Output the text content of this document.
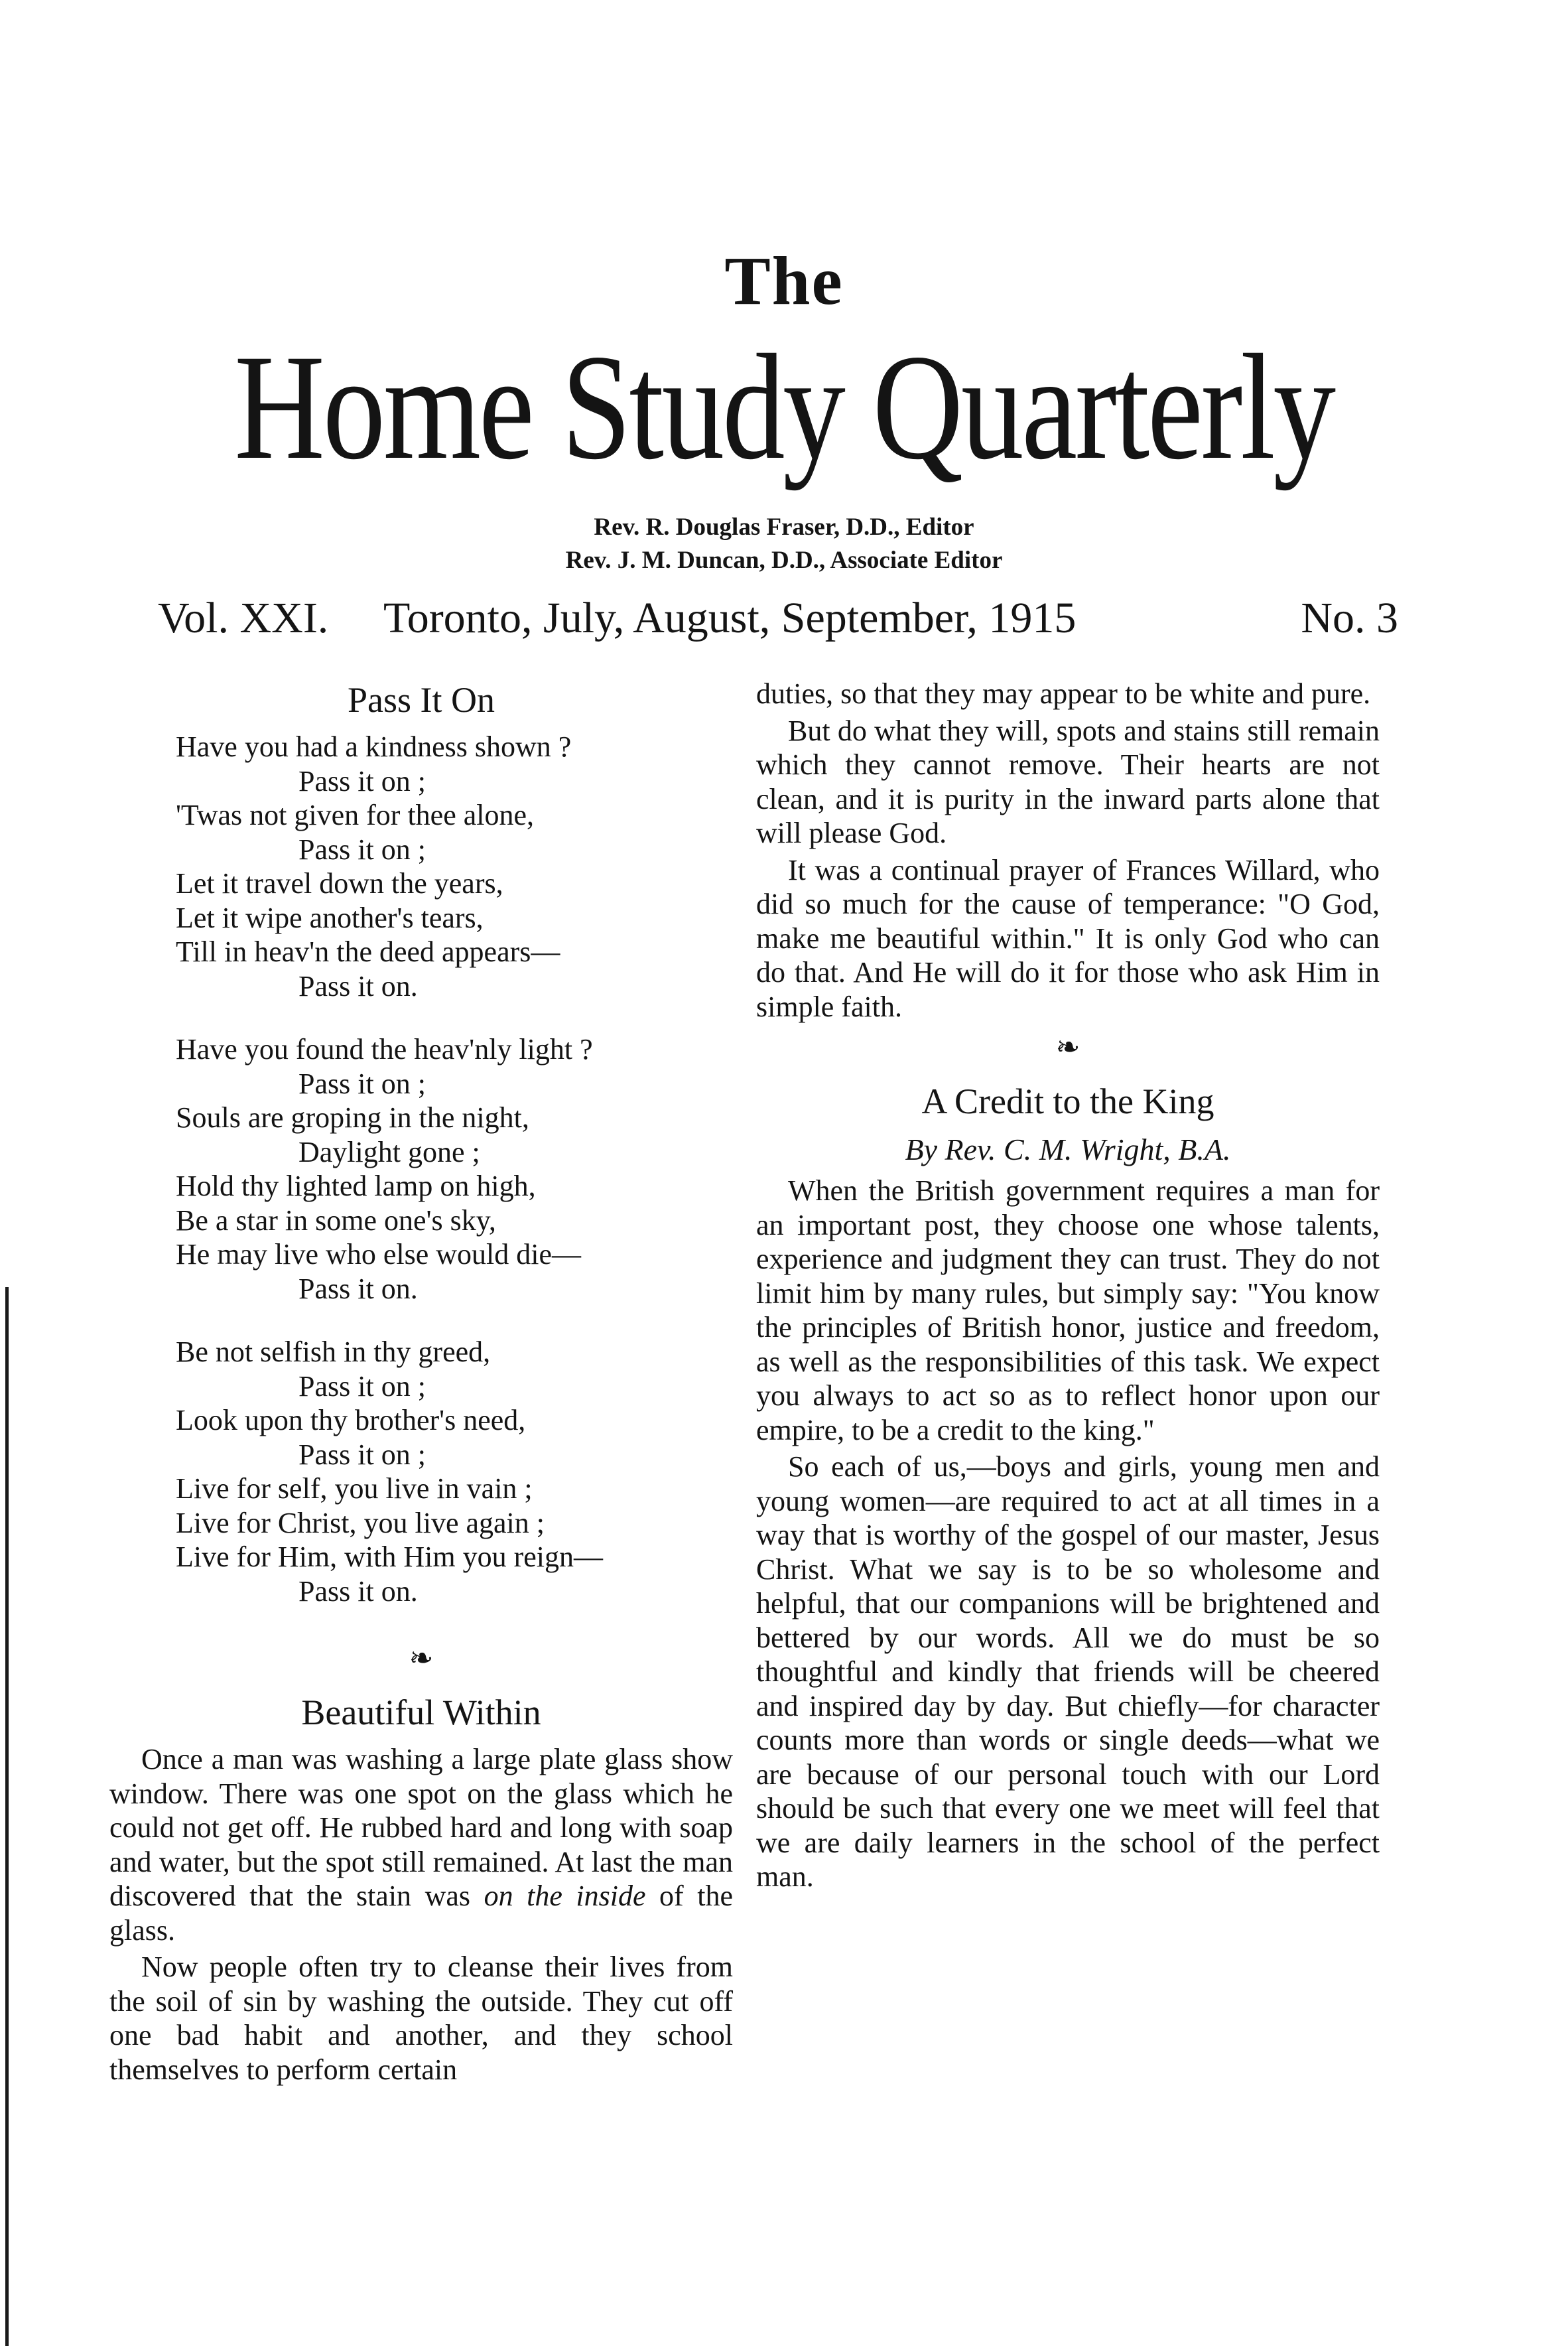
The
Home Study Quarterly
Rev. R. Douglas Fraser, D.D., Editor
Rev. J. M. Duncan, D.D., Associate Editor
Vol. XXI. Toronto, July, August, September, 1915	No. 3
Pass It On
Have you had a kindness shown ?
Pass it on ;
'Twas not given for thee alone,
Pass it on ;
Let it travel down the years,
Let it wipe another's tears,
Till in heav'n the deed appears—
Pass it on.
Have you found the heav'nly light ?
Pass it on ;
Souls are groping in the night,
Daylight gone ;
Hold thy lighted lamp on high,
Be a star in some one's sky,
He may live who else would die—
Pass it on.
Be not selfish in thy greed,
Pass it on ;
Look upon thy brother's need,
Pass it on ;
Live for self, you live in vain ;
Live for Christ, you live again ;
Live for Him, with Him you reign—
Pass it on.
❧
Beautiful Within

Once a man was washing a large plate glass show window. There was one spot on the glass which he could not get off. He rubbed hard and long with soap and water, but the spot still remained. At last the man discovered that the stain was on the inside of the glass.

Now people often try to cleanse their lives from the soil of sin by washing the outside. They cut off one bad habit and another, and they school themselves to perform certain

duties, so that they may appear to be white and pure.

But do what they will, spots and stains still remain which they cannot remove. Their hearts are not clean, and it is purity in the inward parts alone that will please God.

It was a continual prayer of Frances Willard, who did so much for the cause of temperance: "O God, make me beautiful within." It is only God who can do that. And He will do it for those who ask Him in simple faith.

❧
A Credit to the King
By Rev. C. M. Wright, B.A.

When the British government requires a man for an important post, they choose one whose talents, experience and judgment they can trust. They do not limit him by many rules, but simply say: "You know the principles of British honor, justice and freedom, as well as the responsibilities of this task. We expect you always to act so as to reflect honor upon our empire, to be a credit to the king."

So each of us,—boys and girls, young men and young women—are required to act at all times in a way that is worthy of the gospel of our master, Jesus Christ. What we say is to be so wholesome and helpful, that our companions will be brightened and bettered by our words. All we do must be so thoughtful and kindly that friends will be cheered and inspired day by day. But chiefly—for character counts more than words or single deeds—what we are because of our personal touch with our Lord should be such that every one we meet will feel that we are daily learners in the school of the perfect man.
